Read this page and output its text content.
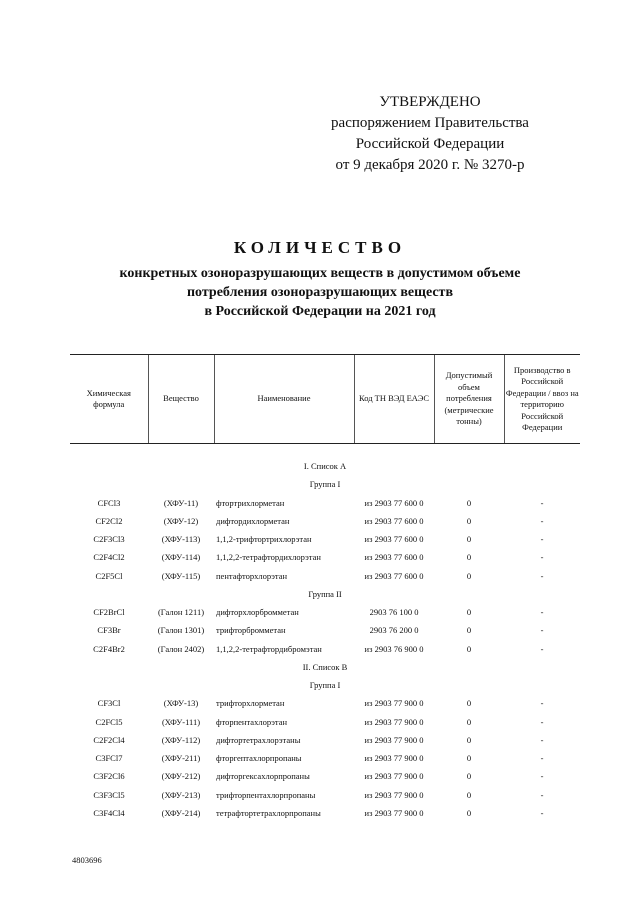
УТВЕРЖДЕНО
распоряжением Правительства
Российской Федерации
от 9 декабря 2020 г. № 3270-р
КОЛИЧЕСТВО
конкретных озоноразрушающих веществ в допустимом объеме
потребления озоноразрушающих веществ
в Российской Федерации на 2021 год
Химическая формула	Вещество	Наименование	Код ТН ВЭД ЕАЭС	Допустимый объем потребления (метрические тонны)	Производство в Российской Федерации / ввоз на территорию Российской Федерации
I. Список А					
Группа I					
CFCl3	(ХФУ-11)	фтортрихлорметан	из 2903 77 600 0	0	-
CF2Cl2	(ХФУ-12)	дифтордихлорметан	из 2903 77 600 0	0	-
C2F3Cl3	(ХФУ-113)	1,1,2-трифтортрихлорэтан	из 2903 77 600 0	0	-
C2F4Cl2	(ХФУ-114)	1,1,2,2-тетрафтордихлорэтан	из 2903 77 600 0	0	-
C2F5Cl	(ХФУ-115)	пентафторхлорэтан	из 2903 77 600 0	0	-
Группа II					
CF2BrCl	(Галон 1211)	дифторхлорбромметан	2903 76 100 0	0	-
CF3Br	(Галон 1301)	трифторбромметан	2903 76 200 0	0	-
C2F4Br2	(Галон 2402)	1,1,2,2-тетрафтордибромэтан	из 2903 76 900 0	0	-
II. Список B					
Группа I					
CF3Cl	(ХФУ-13)	трифторхлорметан	из 2903 77 900 0	0	-
C2FCl5	(ХФУ-111)	фторпентахлорэтан	из 2903 77 900 0	0	-
C2F2Cl4	(ХФУ-112)	дифтортетрахлорэтаны	из 2903 77 900 0	0	-
C3FCl7	(ХФУ-211)	фторгептахлорпропаны	из 2903 77 900 0	0	-
C3F2Cl6	(ХФУ-212)	дифторгексахлорпропаны	из 2903 77 900 0	0	-
C3F3Cl5	(ХФУ-213)	трифторпентахлорпропаны	из 2903 77 900 0	0	-
C3F4Cl4	(ХФУ-214)	тетрафтортетрахлорпропаны	из 2903 77 900 0	0	-
4803696
